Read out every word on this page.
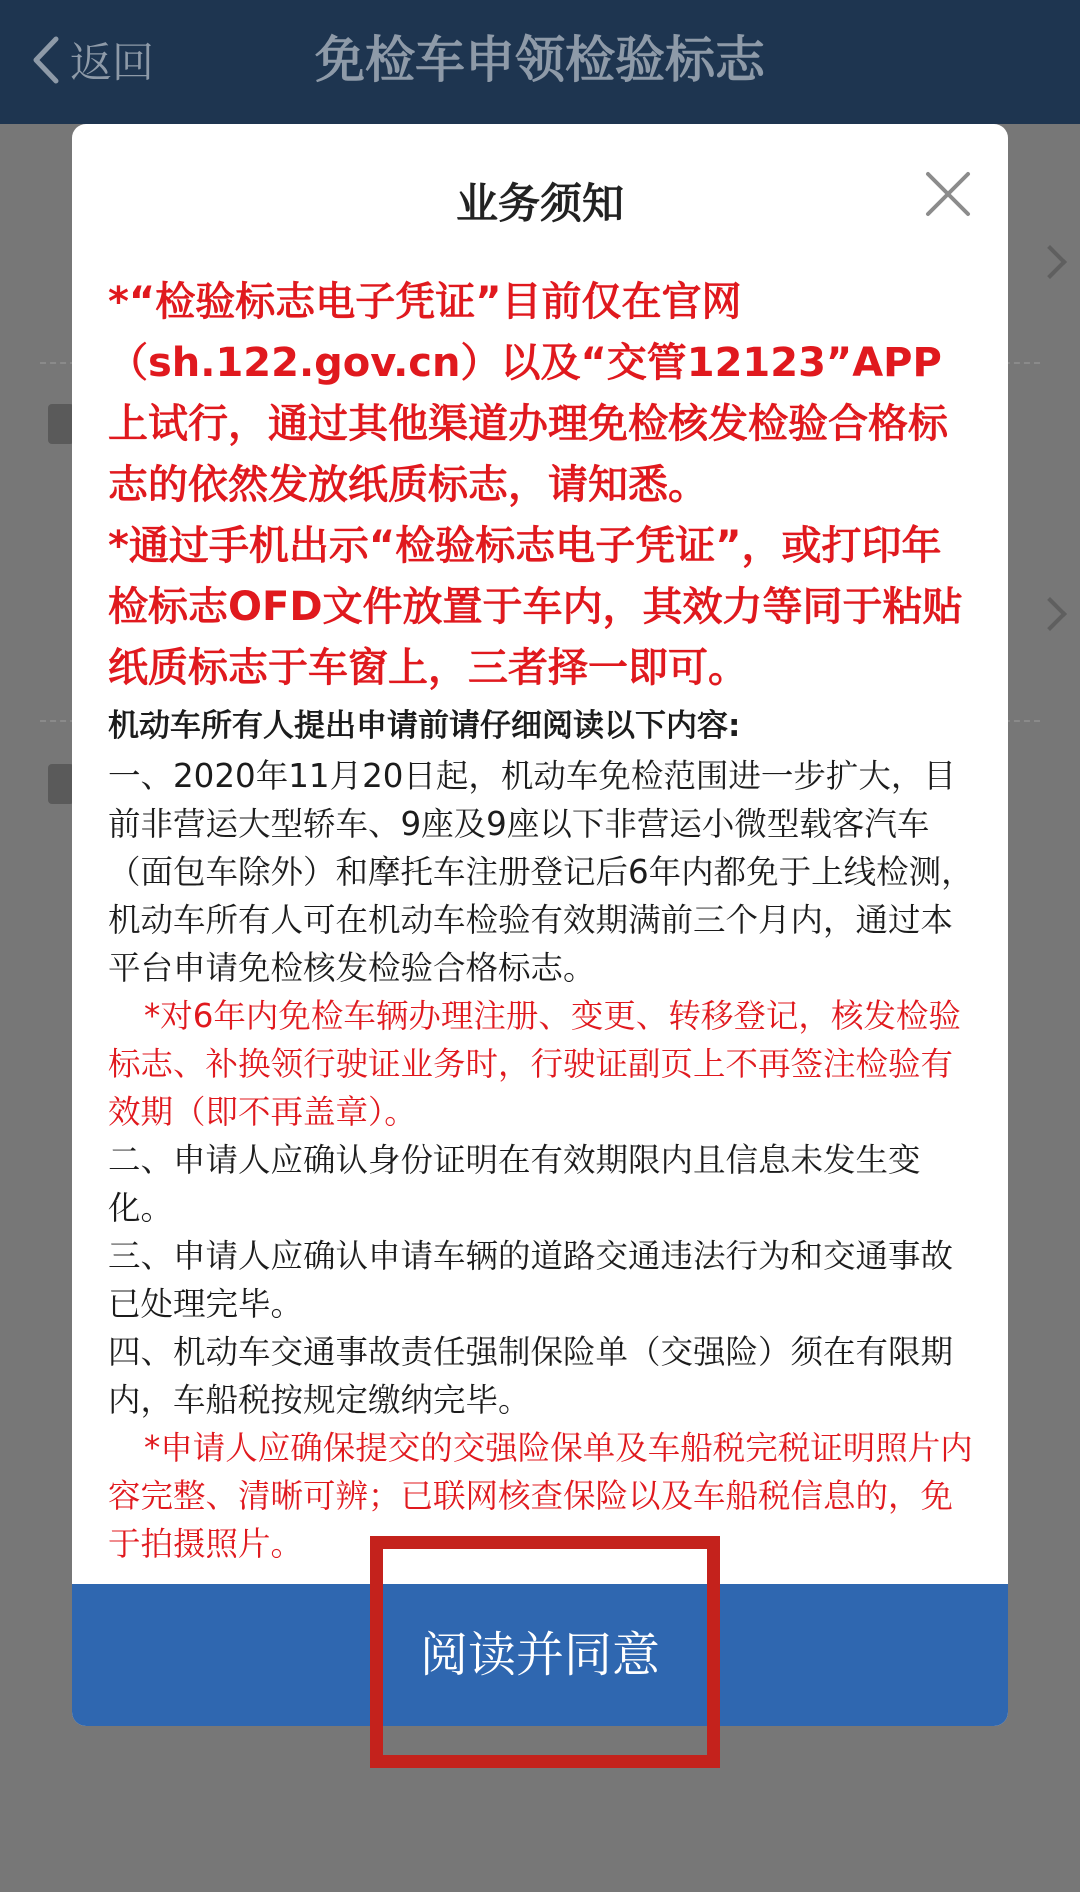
返回	免检车申领检验标志
业务须知

*“检验标志电子凭证”目前仅在官网（sh.122.gov.cn）以及“交管12123”APP上试行，通过其他渠道办理免检核发检验合格标志的依然发放纸质标志，请知悉。

*通过手机出示“检验标志电子凭证”，或打印年检标志OFD文件放置于车内，其效力等同于粘贴纸质标志于车窗上，三者择一即可。

机动车所有人提出申请前请仔细阅读以下内容:

一、2020年11月20日起，机动车免检范围进一步扩大，目前非营运大型轿车、9座及9座以下非营运小微型载客汽车（面包车除外）和摩托车注册登记后6年内都免于上线检测，机动车所有人可在机动车检验有效期满前三个月内，通过本平台申请免检核发检验合格标志。

*对6年内免检车辆办理注册、变更、转移登记，核发检验标志、补换领行驶证业务时，行驶证副页上不再签注检验有效期（即不再盖章）。

二、申请人应确认身份证明在有效期限内且信息未发生变化。

三、申请人应确认申请车辆的道路交通违法行为和交通事故已处理完毕。

四、机动车交通事故责任强制保险单（交强险）须在有限期内，车船税按规定缴纳完毕。

*申请人应确保提交的交强险保单及车船税完税证明照片内容完整、清晰可辨；已联网核查保险以及车船税信息的，免于拍摄照片。

阅读并同意
